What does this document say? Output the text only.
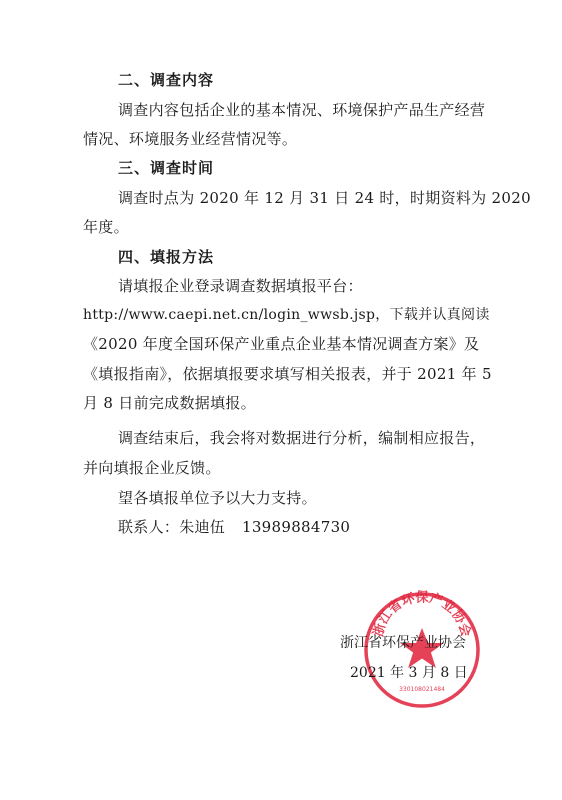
二、调查内容
调查内容包括企业的基本情况、环境保护产品生产经营
情况、环境服务业经营情况等。
三、调查时间
调查时点为 2020 年 12 月 31 日 24 时，时期资料为 2020
年度。
四、填报方法
请填报企业登录调查数据填报平台：
http://www.caepi.net.cn/login_wwsb.jsp，下载并认真阅读
《2020 年度全国环保产业重点企业基本情况调查方案》及
《填报指南》，依据填报要求填写相关报表，并于 2021 年 5
月 8 日前完成数据填报。
调查结束后，我会将对数据进行分析，编制相应报告，
并向填报企业反馈。
望各填报单位予以大力支持。
联系人：朱迪伍 13989884730
浙江省环保产业协会
330108021484
浙江省环保产业协会
2021 年 3 月 8 日
